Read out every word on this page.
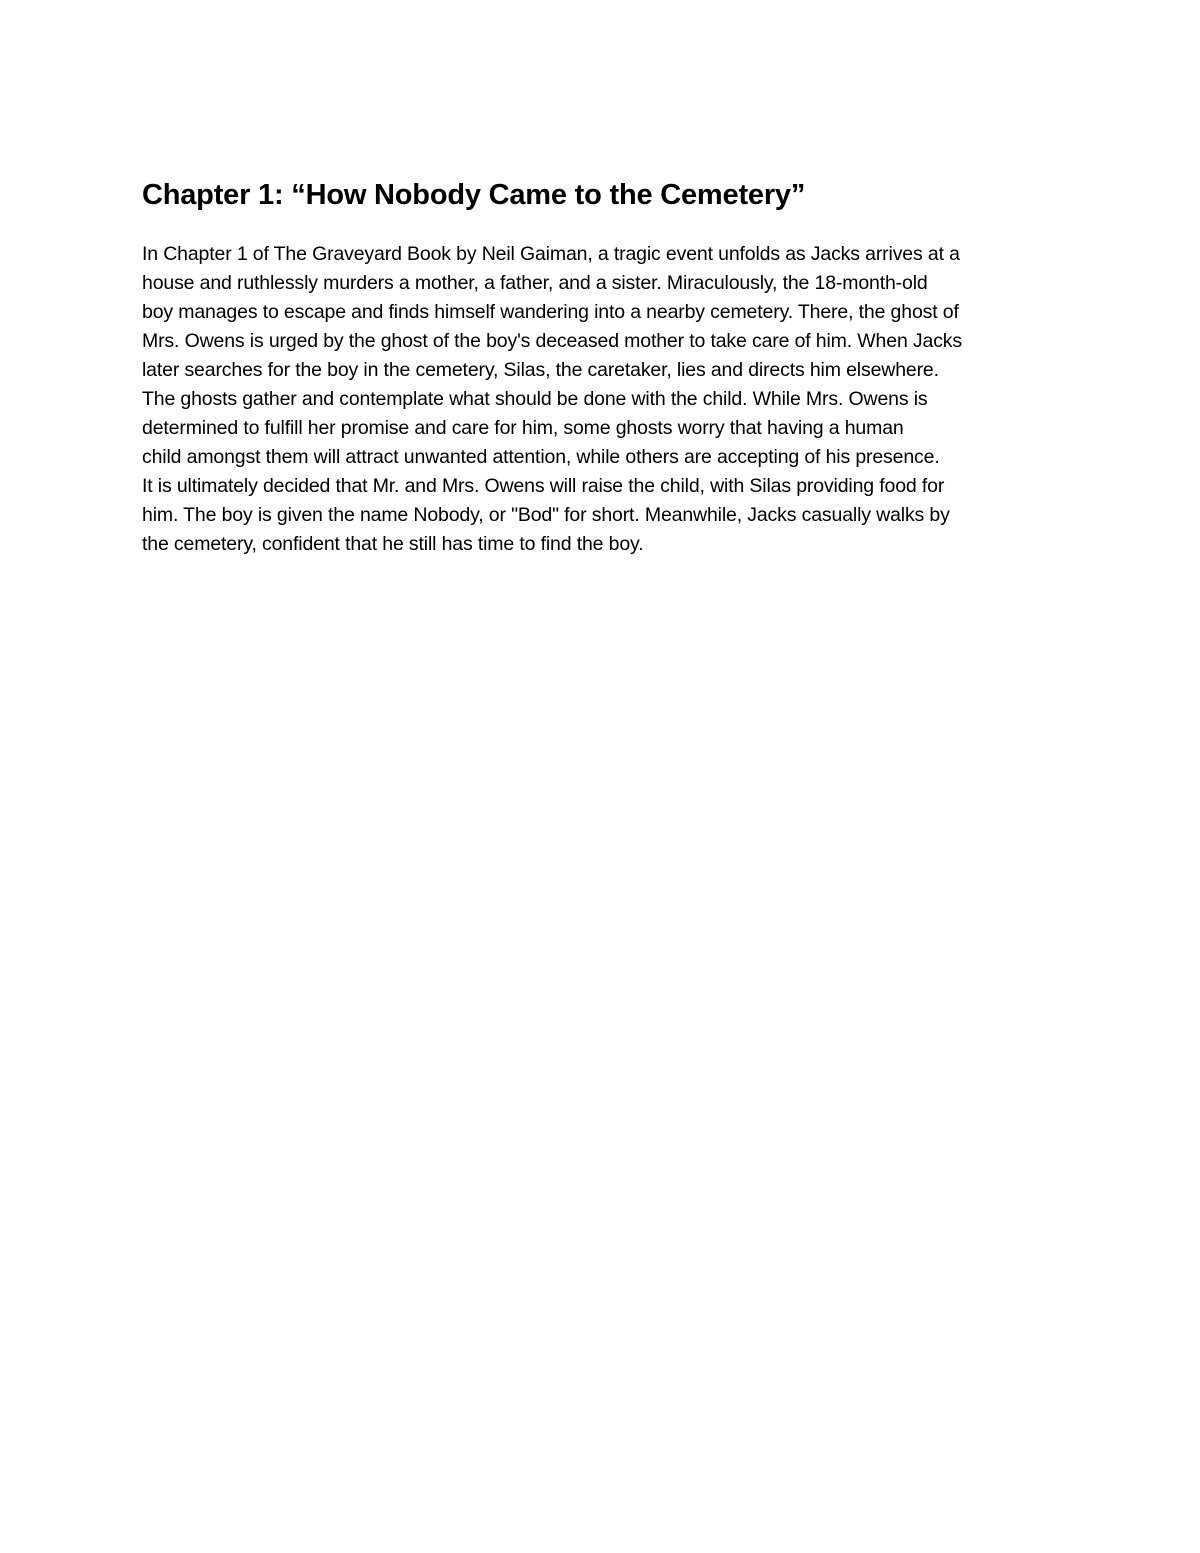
Chapter 1: “How Nobody Came to the Cemetery”

In Chapter 1 of The Graveyard Book by Neil Gaiman, a tragic event unfolds as Jacks arrives at a
house and ruthlessly murders a mother, a father, and a sister. Miraculously, the 18-month-old
boy manages to escape and finds himself wandering into a nearby cemetery. There, the ghost of
Mrs. Owens is urged by the ghost of the boy's deceased mother to take care of him. When Jacks
later searches for the boy in the cemetery, Silas, the caretaker, lies and directs him elsewhere.
The ghosts gather and contemplate what should be done with the child. While Mrs. Owens is
determined to fulfill her promise and care for him, some ghosts worry that having a human
child amongst them will attract unwanted attention, while others are accepting of his presence.
It is ultimately decided that Mr. and Mrs. Owens will raise the child, with Silas providing food for
him. The boy is given the name Nobody, or "Bod" for short. Meanwhile, Jacks casually walks by
the cemetery, confident that he still has time to find the boy.
